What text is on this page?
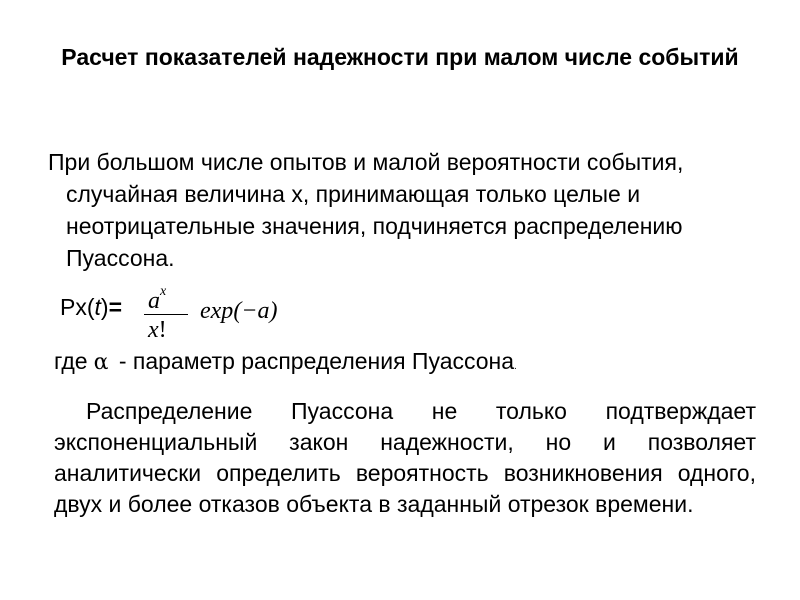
Расчет показателей надежности при малом числе событий
При большом числе опытов и малой вероятности события, случайная величина x, принимающая только целые и неотрицательные значения, подчиняется распределению Пуассона.
$Px(t)= a^x$
x!
exp(−a)
где α - параметр распределения Пуассона.
Распределение Пуассона не только подтверждает экспоненциальный закон надежности, но и позволяет аналитически определить вероятность возникновения одного, двух и более отказов объекта в заданный отрезок времени.
